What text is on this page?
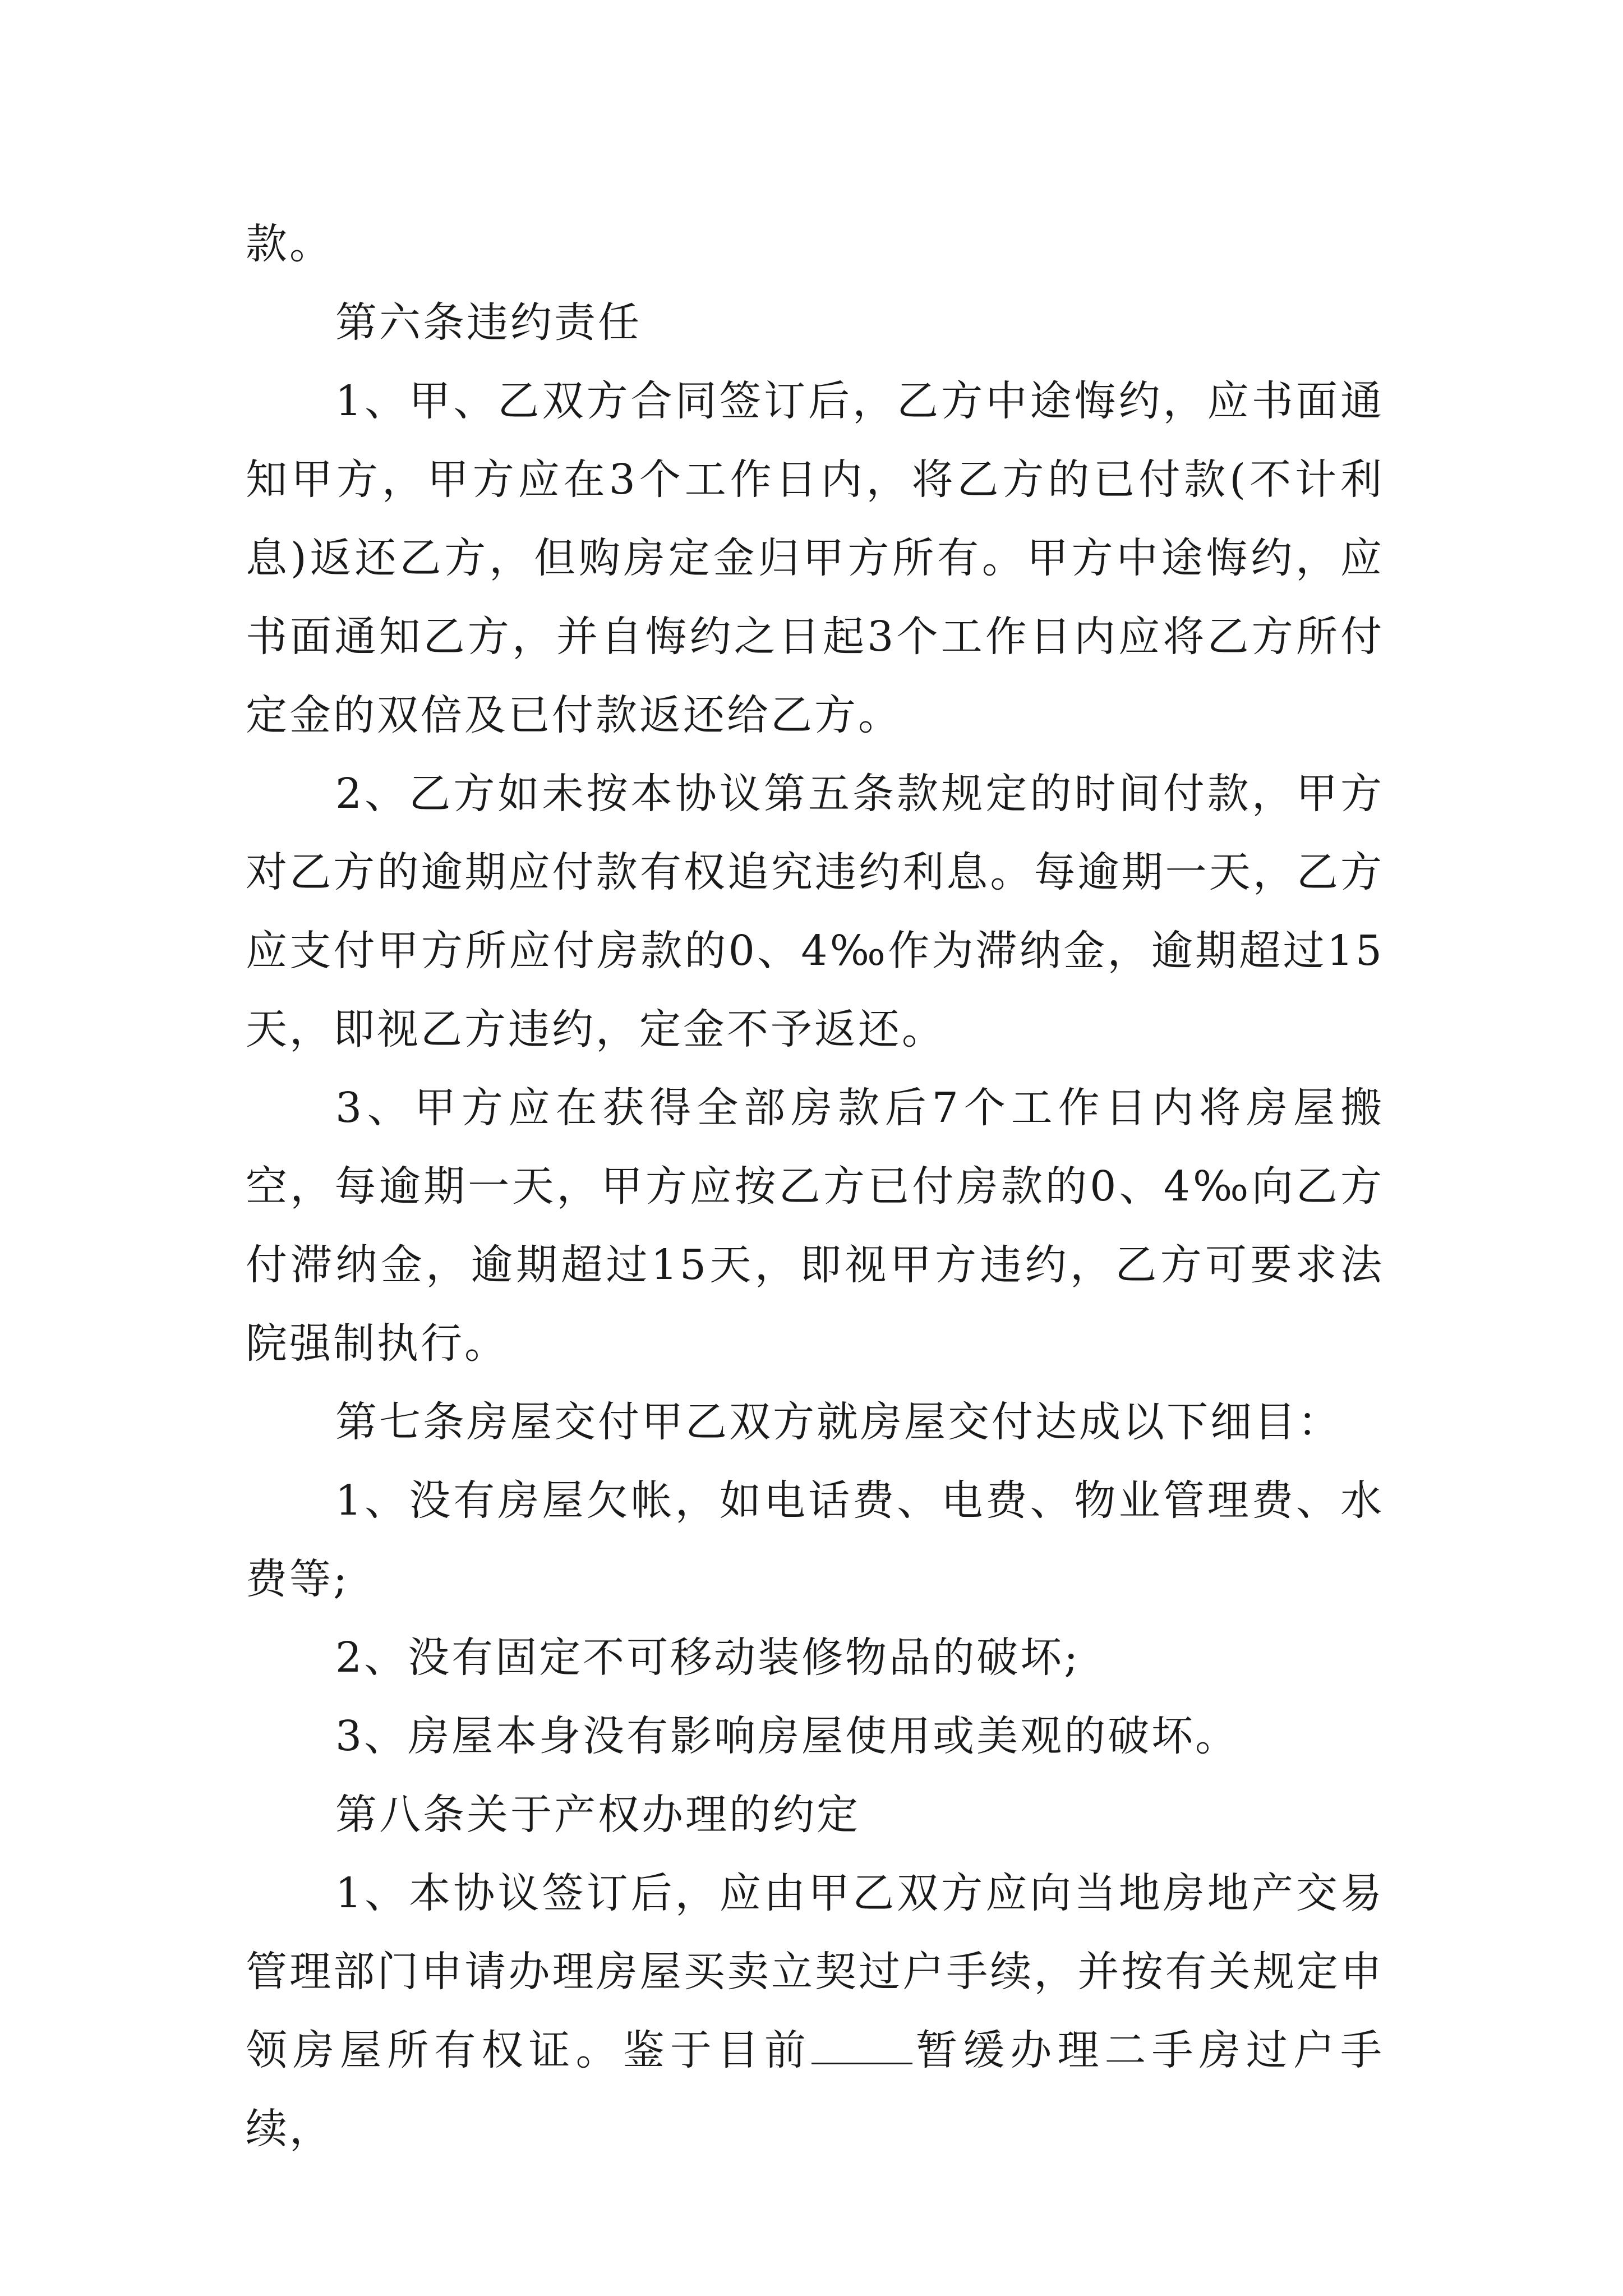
款。

第六条违约责任

1、甲、乙双方合同签订后，乙方中途悔约，应书面通知甲方，甲方应在3个工作日内，将乙方的已付款(不计利息)返还乙方，但购房定金归甲方所有。甲方中途悔约，应书面通知乙方，并自悔约之日起3个工作日内应将乙方所付定金的双倍及已付款返还给乙方。

2、乙方如未按本协议第五条款规定的时间付款，甲方对乙方的逾期应付款有权追究违约利息。每逾期一天，乙方应支付甲方所应付房款的0、4‰作为滞纳金，逾期超过15天，即视乙方违约，定金不予返还。

3、甲方应在获得全部房款后7个工作日内将房屋搬空，每逾期一天，甲方应按乙方已付房款的0、4‰向乙方付滞纳金，逾期超过15天，即视甲方违约，乙方可要求法院强制执行。

第七条房屋交付甲乙双方就房屋交付达成以下细目：

1、没有房屋欠帐，如电话费、电费、物业管理费、水费等;

2、没有固定不可移动装修物品的破坏;

3、房屋本身没有影响房屋使用或美观的破坏。

第八条关于产权办理的约定

1、本协议签订后，应由甲乙双方应向当地房地产交易管理部门申请办理房屋买卖立契过户手续，并按有关规定申领房屋所有权证。鉴于目前 暂缓办理二手房过户手续，
